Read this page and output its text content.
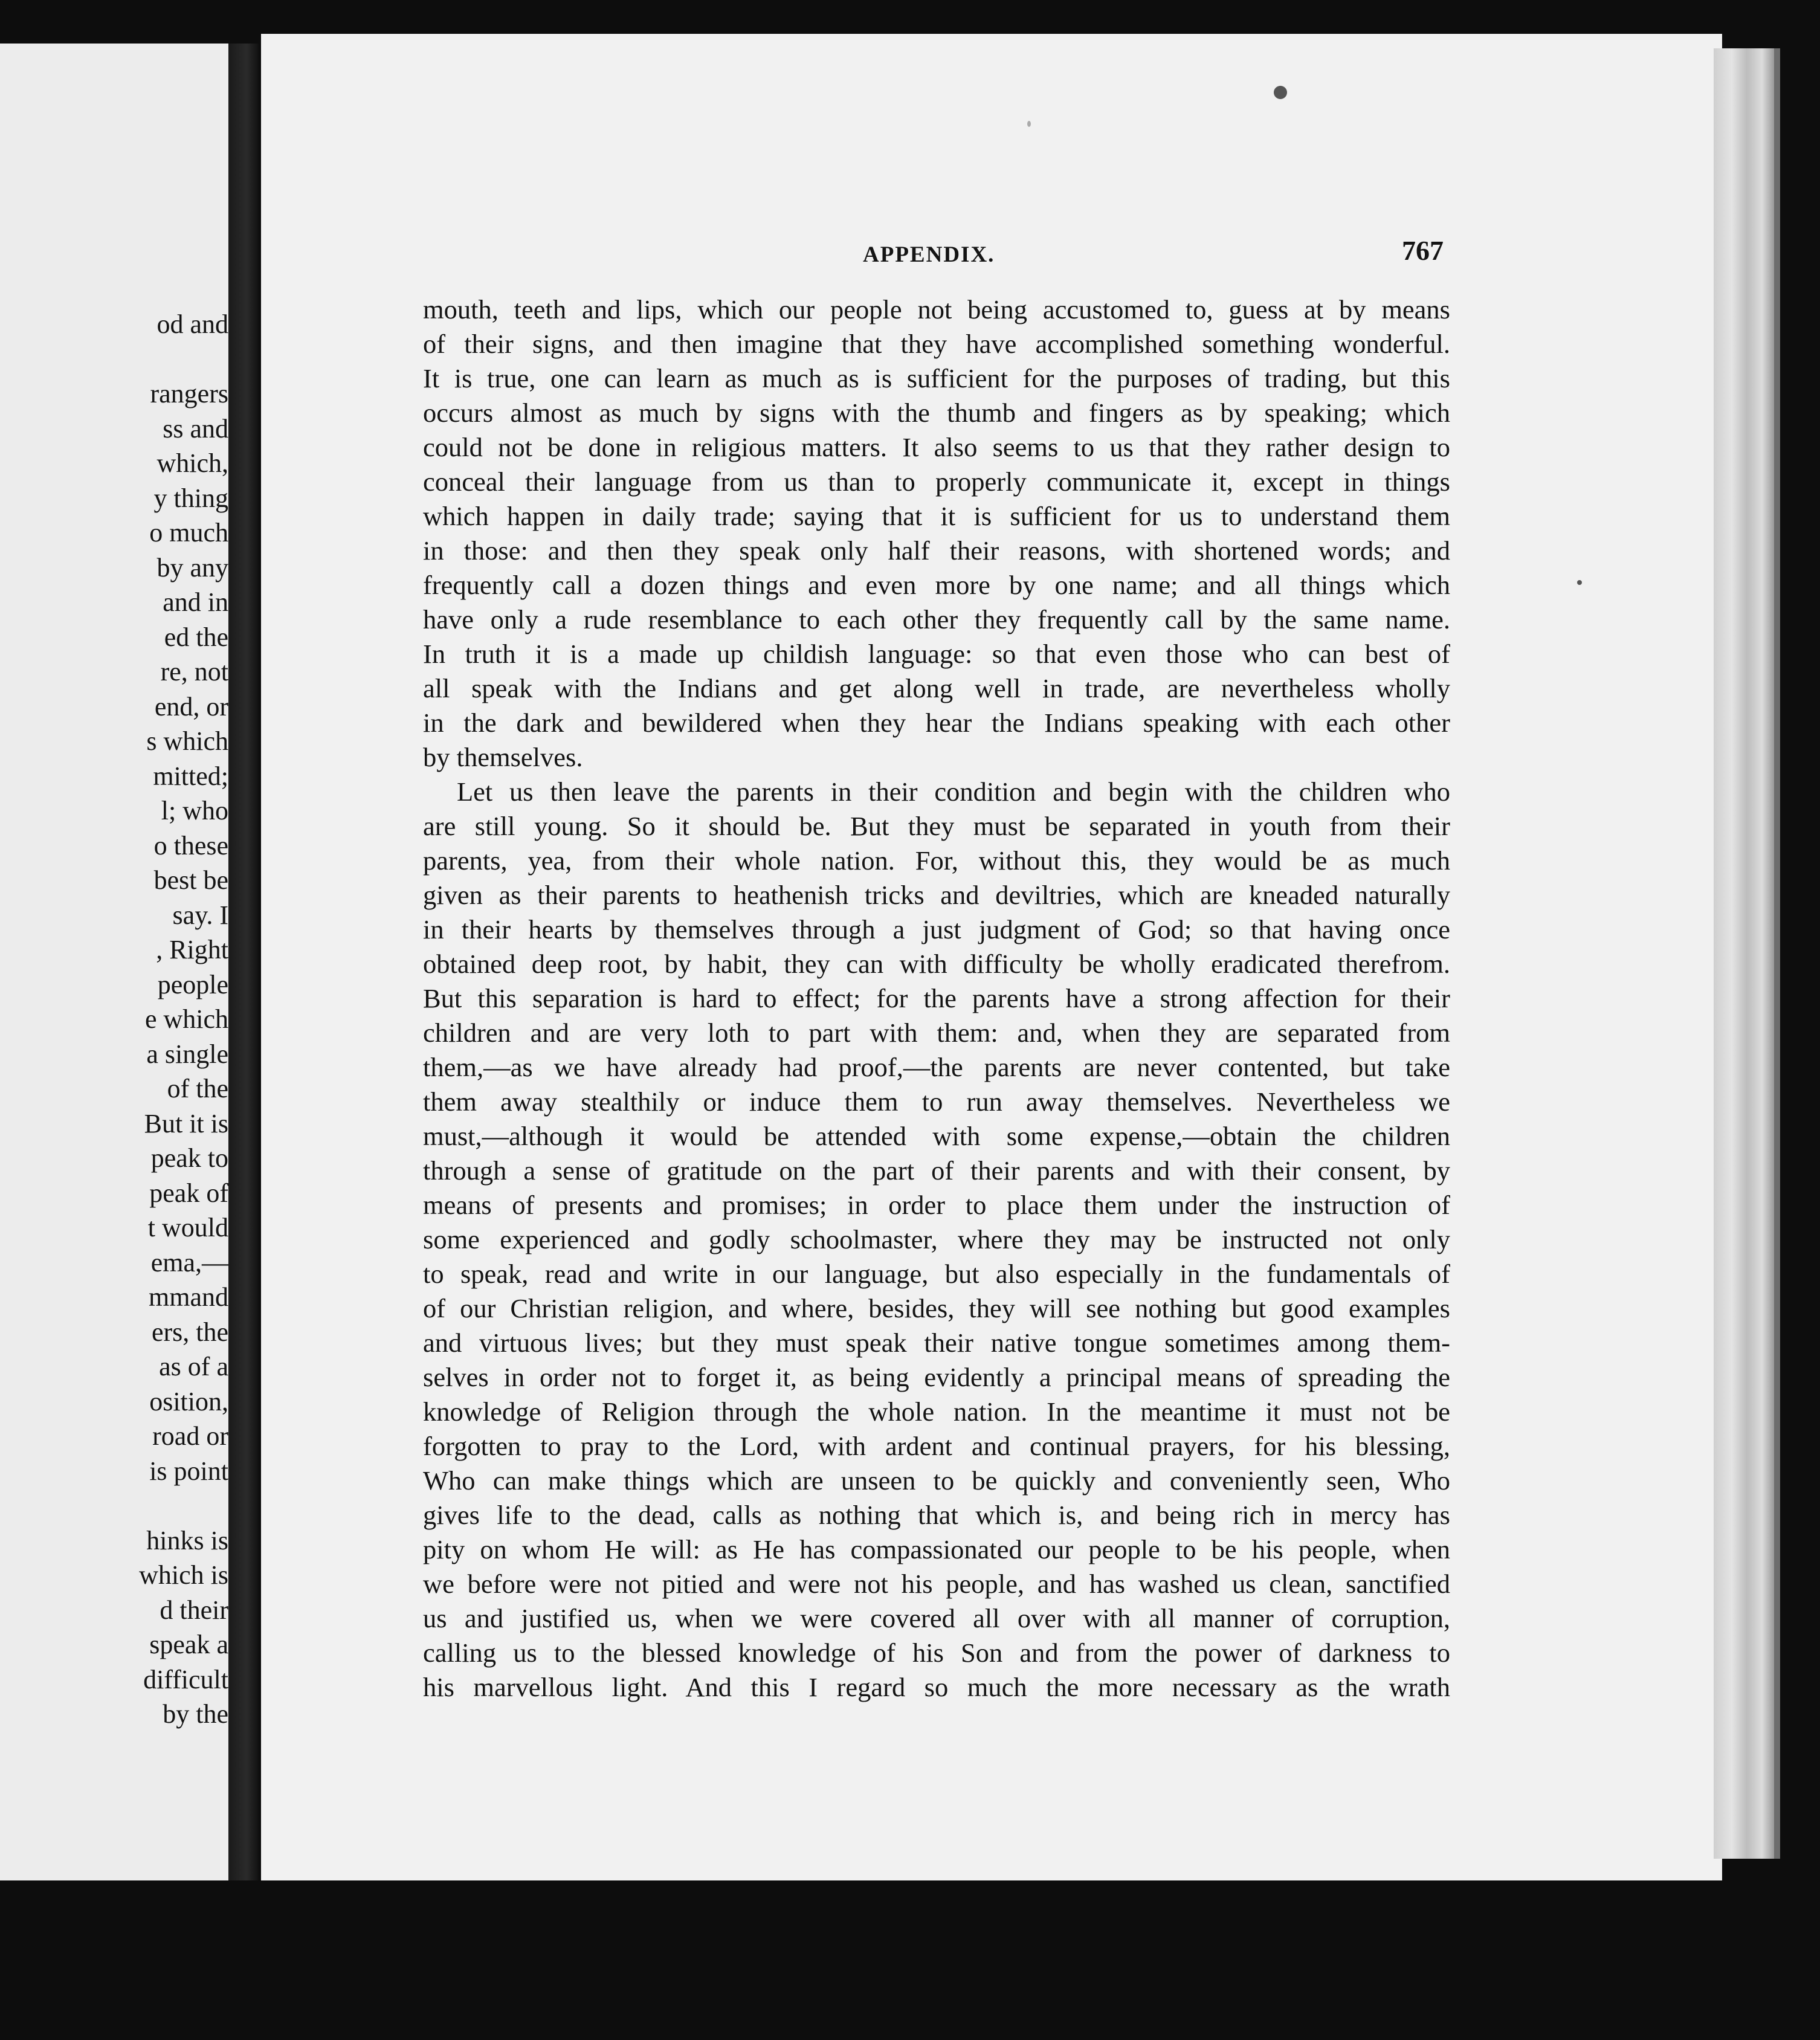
od and
rangers
ss and
which,
y thing
o much
by any
and in
ed the
re, not
end, or
s which
mitted;
l; who
o these
best be
say. I
, Right
people
e which
a single
of the
But it is
peak to
peak of
t would
ema,—
mmand
ers, the
as of a
osition,
road or
is point
hinks is
which is
d their
speak a
difficult
by the
APPENDIX.	767
mouth, teeth and lips, which our people not being accustomed to, guess at by means
of their signs, and then imagine that they have accomplished something wonderful.
It is true, one can learn as much as is sufficient for the purposes of trading, but this
occurs almost as much by signs with the thumb and fingers as by speaking; which
could not be done in religious matters. It also seems to us that they rather design to
conceal their language from us than to properly communicate it, except in things
which happen in daily trade; saying that it is sufficient for us to understand them
in those: and then they speak only half their reasons, with shortened words; and
frequently call a dozen things and even more by one name; and all things which
have only a rude resemblance to each other they frequently call by the same name.
In truth it is a made up childish language: so that even those who can best of
all speak with the Indians and get along well in trade, are nevertheless wholly
in the dark and bewildered when they hear the Indians speaking with each other
by themselves.
Let us then leave the parents in their condition and begin with the children who
are still young. So it should be. But they must be separated in youth from their
parents, yea, from their whole nation. For, without this, they would be as much
given as their parents to heathenish tricks and deviltries, which are kneaded naturally
in their hearts by themselves through a just judgment of God; so that having once
obtained deep root, by habit, they can with difficulty be wholly eradicated therefrom.
But this separation is hard to effect; for the parents have a strong affection for their
children and are very loth to part with them: and, when they are separated from
them,—as we have already had proof,—the parents are never contented, but take
them away stealthily or induce them to run away themselves. Nevertheless we
must,—although it would be attended with some expense,—obtain the children
through a sense of gratitude on the part of their parents and with their consent, by
means of presents and promises; in order to place them under the instruction of
some experienced and godly schoolmaster, where they may be instructed not only
to speak, read and write in our language, but also especially in the fundamentals of
of our Christian religion, and where, besides, they will see nothing but good examples
and virtuous lives; but they must speak their native tongue sometimes among them-
selves in order not to forget it, as being evidently a principal means of spreading the
knowledge of Religion through the whole nation. In the meantime it must not be
forgotten to pray to the Lord, with ardent and continual prayers, for his blessing,
Who can make things which are unseen to be quickly and conveniently seen, Who
gives life to the dead, calls as nothing that which is, and being rich in mercy has
pity on whom He will: as He has compassionated our people to be his people, when
we before were not pitied and were not his people, and has washed us clean, sanctified
us and justified us, when we were covered all over with all manner of corruption,
calling us to the blessed knowledge of his Son and from the power of darkness to
his marvellous light. And this I regard so much the more necessary as the wrath
